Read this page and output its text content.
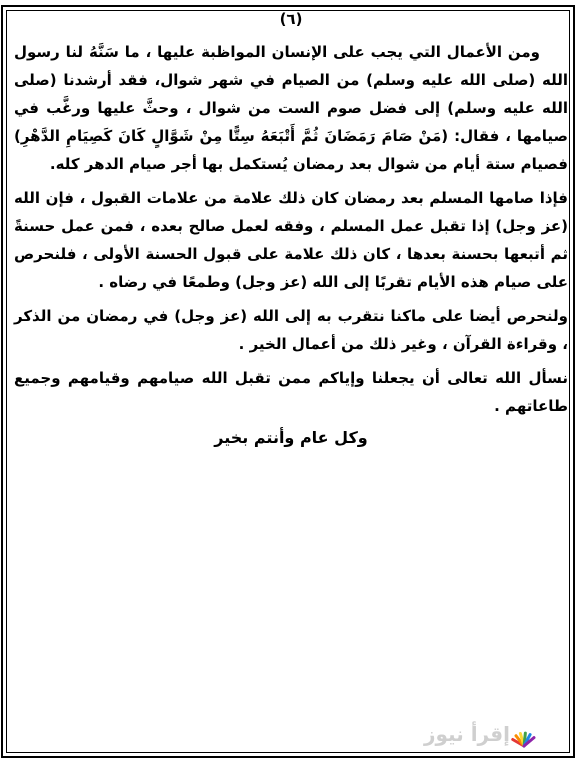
(٦)

ومن الأعمال التي يجب على الإنسان المواظبة عليها ، ما سَنَّهُ لنا رسول الله (صلى الله عليه وسلم) من الصيام في شهر شوال، فقد أرشدنا (صلى الله عليه وسلم) إلى فضل صوم الست من شوال ، وحثَّ عليها ورغَّب في صيامها ، فقال: (مَنْ صَامَ رَمَضَانَ ثُمَّ أَتْبَعَهُ سِتًّا مِنْ شَوَّالٍ كَانَ كَصِيَامِ الدَّهْرِ) فصيام ستة أيام من شوال بعد رمضان يُستكمل بها أجر صيام الدهر كله.

فإذا صامها المسلم بعد رمضان كان ذلك علامة من علامات القبول ، فإن الله (عز وجل) إذا تقبل عمل المسلم ، وفقه لعمل صالح بعده ، فمن عمل حسنةً ثم أتبعها بحسنة بعدها ، كان ذلك علامة على قبول الحسنة الأولى ، فلنحرص على صيام هذه الأيام تقربًا إلى الله (عز وجل) وطمعًا في رضاه .

ولنحرص أيضا على ماكنا نتقرب به إلى الله (عز وجل) في رمضان من الذكر ، وقراءة القرآن ، وغير ذلك من أعمال الخير .

نسأل الله تعالى أن يجعلنا وإياكم ممن تقبل الله صيامهم وقيامهم وجميع طاعاتهم .

وكل عام وأنتم بخير
إقرأ نيوز
